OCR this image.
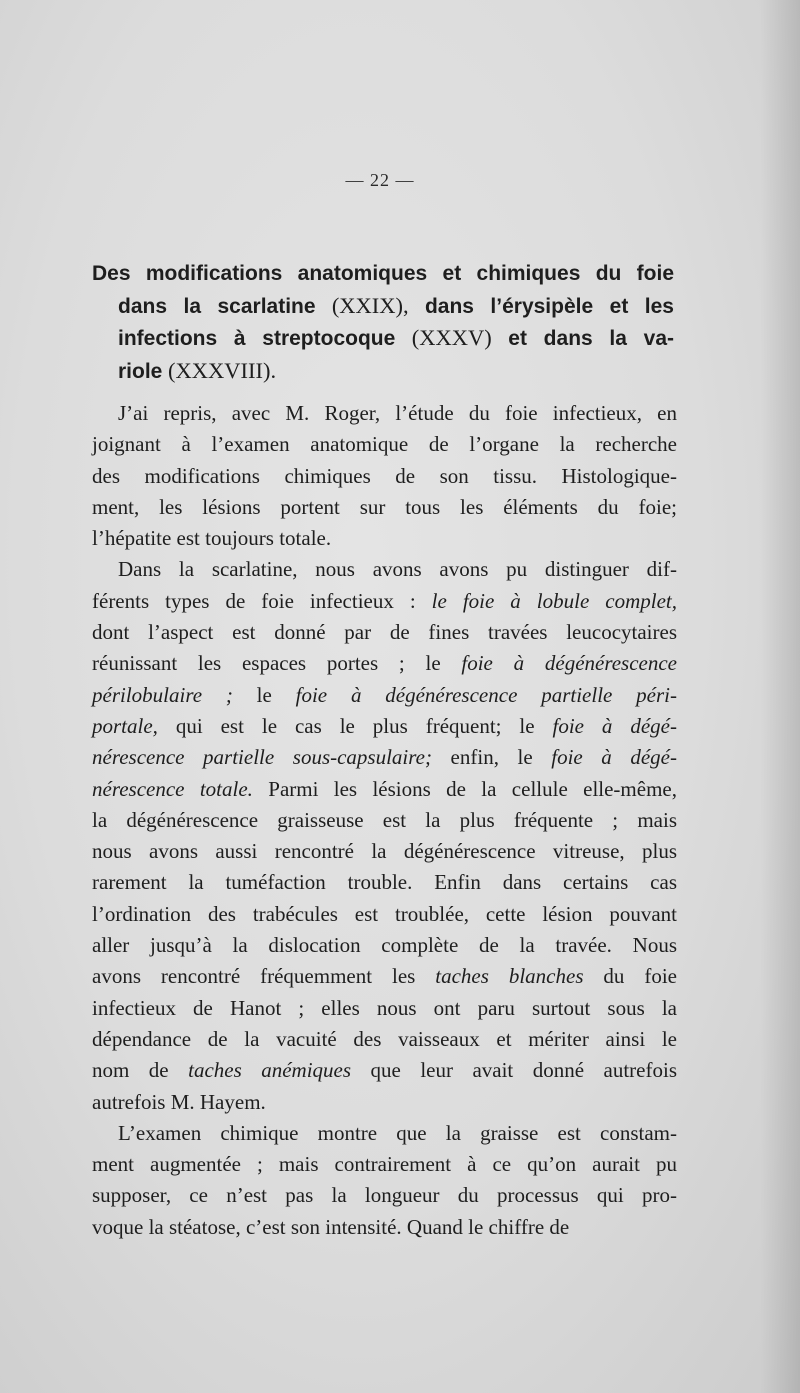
— 22 —
Des modifications anatomiques et chimiques du foie
dans la scarlatine (XXIX), dans l’érysipèle et les
infections à streptocoque (XXXV) et dans la va-
riole (XXXVIII).

J’ai repris, avec M. Roger, l’étude du foie infectieux, en
joignant à l’examen anatomique de l’organe la recherche
des modifications chimiques de son tissu. Histologique-
ment, les lésions portent sur tous les éléments du foie;
l’hépatite est toujours totale.

Dans la scarlatine, nous avons avons pu distinguer dif-
férents types de foie infectieux : le foie à lobule complet,
dont l’aspect est donné par de fines travées leucocytaires
réunissant les espaces portes ; le foie à dégénérescence
périlobulaire ; le foie à dégénérescence partielle péri-
portale, qui est le cas le plus fréquent; le foie à dégé-
nérescence partielle sous-capsulaire; enfin, le foie à dégé-
nérescence totale. Parmi les lésions de la cellule elle-même,
la dégénérescence graisseuse est la plus fréquente ; mais
nous avons aussi rencontré la dégénérescence vitreuse, plus
rarement la tuméfaction trouble. Enfin dans certains cas
l’ordination des trabécules est troublée, cette lésion pouvant
aller jusqu’à la dislocation complète de la travée. Nous
avons rencontré fréquemment les taches blanches du foie
infectieux de Hanot ; elles nous ont paru surtout sous la
dépendance de la vacuité des vaisseaux et mériter ainsi le
nom de taches anémiques que leur avait donné autrefois
autrefois M. Hayem.

L’examen chimique montre que la graisse est constam-
ment augmentée ; mais contrairement à ce qu’on aurait pu
supposer, ce n’est pas la longueur du processus qui pro-
voque la stéatose, c’est son intensité. Quand le chiffre de
